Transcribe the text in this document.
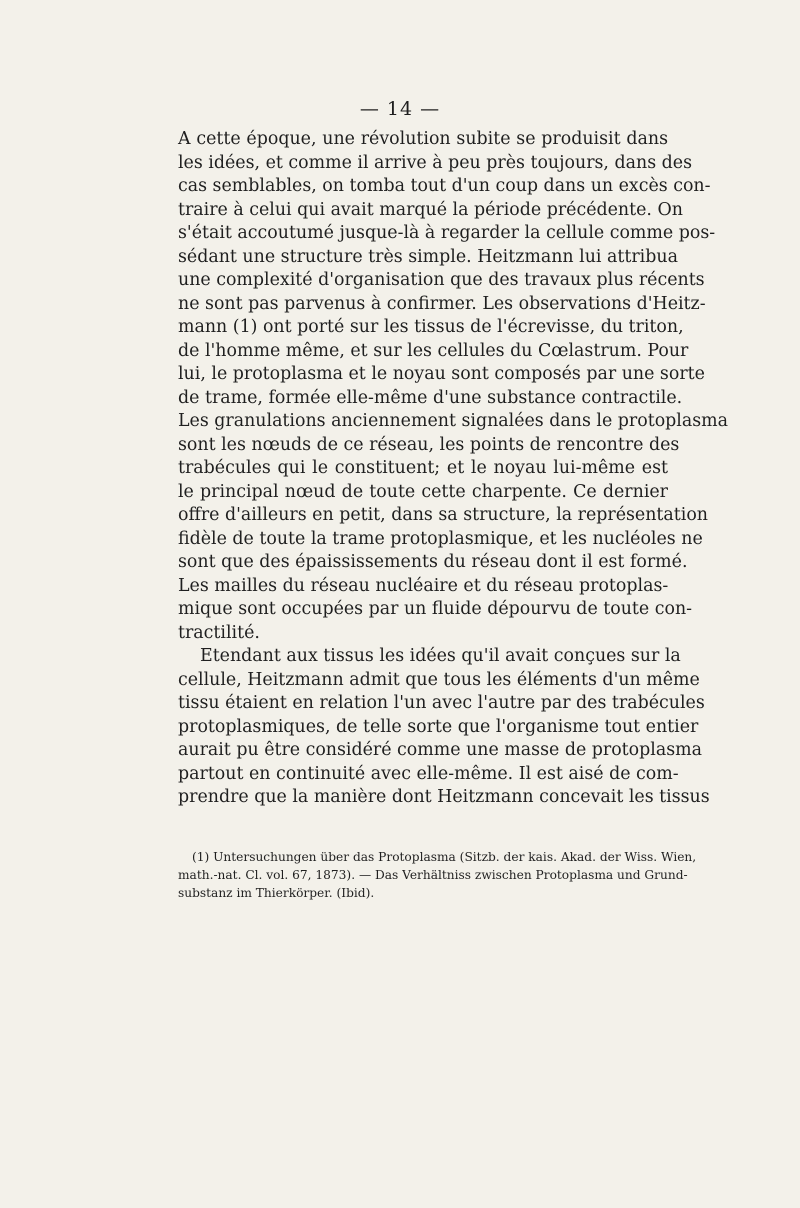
— 14 —
A cette époque, une révolution subite se produisit dans
les idées, et comme il arrive à peu près toujours, dans des
cas semblables, on tomba tout d'un coup dans un excès con-
traire à celui qui avait marqué la période précédente. On
s'était accoutumé jusque-là à regarder la cellule comme pos-
sédant une structure très simple. Heitzmann lui attribua
une complexité d'organisation que des travaux plus récents
ne sont pas parvenus à confirmer. Les observations d'Heitz-
mann (1) ont porté sur les tissus de l'écrevisse, du triton,
de l'homme même, et sur les cellules du Cœlastrum. Pour
lui, le protoplasma et le noyau sont composés par une sorte
de trame, formée elle-même d'une substance contractile.
Les granulations anciennement signalées dans le protoplasma
sont les nœuds de ce réseau, les points de rencontre des
trabécules qui le constituent; et le noyau lui-même est
le principal nœud de toute cette charpente. Ce dernier
offre d'ailleurs en petit, dans sa structure, la représentation
fidèle de toute la trame protoplasmique, et les nucléoles ne
sont que des épaississements du réseau dont il est formé.
Les mailles du réseau nucléaire et du réseau protoplas-
mique sont occupées par un fluide dépourvu de toute con-
tractilité.
Etendant aux tissus les idées qu'il avait conçues sur la
cellule, Heitzmann admit que tous les éléments d'un même
tissu étaient en relation l'un avec l'autre par des trabécules
protoplasmiques, de telle sorte que l'organisme tout entier
aurait pu être considéré comme une masse de protoplasma
partout en continuité avec elle-même. Il est aisé de com-
prendre que la manière dont Heitzmann concevait les tissus
(1) Untersuchungen über das Protoplasma (Sitzb. der kais. Akad. der Wiss. Wien,
math.-nat. Cl. vol. 67, 1873). — Das Verhältniss zwischen Protoplasma und Grund-
substanz im Thierkörper. (Ibid).
